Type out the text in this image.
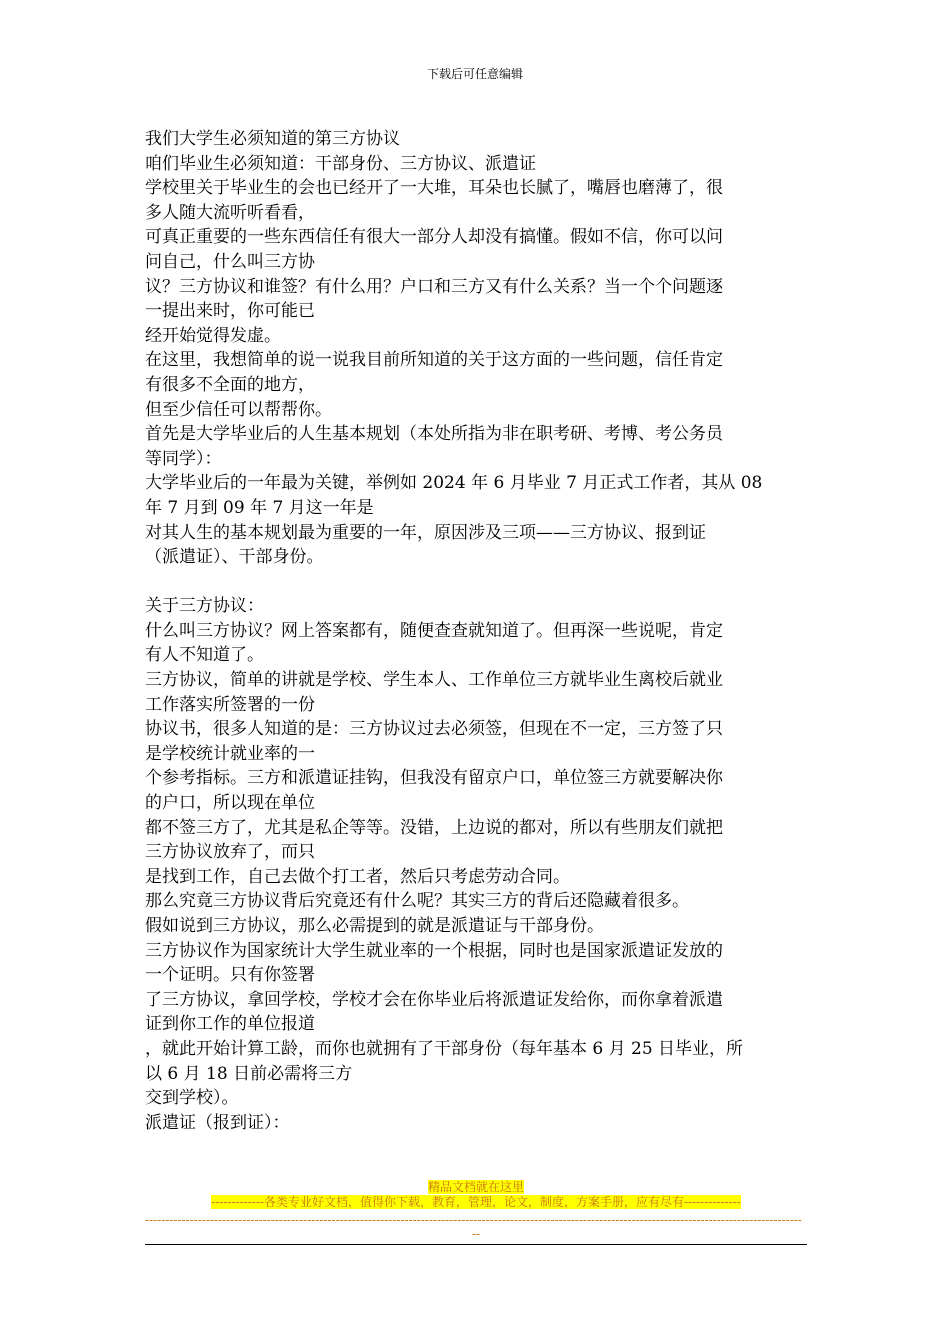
下载后可任意编辑

我们大学生必须知道的第三方协议

咱们毕业生必须知道：干部身份、三方协议、派遣证

学校里关于毕业生的会也已经开了一大堆，耳朵也长腻了，嘴唇也磨薄了，很

多人随大流听听看看，

可真正重要的一些东西信任有很大一部分人却没有搞懂。假如不信，你可以问

问自己，什么叫三方协

议？三方协议和谁签？有什么用？户口和三方又有什么关系？当一个个问题逐

一提出来时，你可能已

经开始觉得发虚。

在这里，我想简单的说一说我目前所知道的关于这方面的一些问题，信任肯定

有很多不全面的地方，

但至少信任可以帮帮你。

首先是大学毕业后的人生基本规划（本处所指为非在职考研、考博、考公务员

等同学）：

大学毕业后的一年最为关键，举例如 2024 年 6 月毕业 7 月正式工作者，其从 08

年 7 月到 09 年 7 月这一年是

对其人生的基本规划最为重要的一年，原因涉及三项——三方协议、报到证

（派遣证）、干部身份。

关于三方协议：

什么叫三方协议？网上答案都有，随便查查就知道了。但再深一些说呢，肯定

有人不知道了。

三方协议，简单的讲就是学校、学生本人、工作单位三方就毕业生离校后就业

工作落实所签署的一份

协议书，很多人知道的是：三方协议过去必须签，但现在不一定，三方签了只

是学校统计就业率的一

个参考指标。三方和派遣证挂钩，但我没有留京户口，单位签三方就要解决你

的户口，所以现在单位

都不签三方了，尤其是私企等等。没错，上边说的都对，所以有些朋友们就把

三方协议放弃了，而只

是找到工作，自己去做个打工者，然后只考虑劳动合同。

那么究竟三方协议背后究竟还有什么呢？其实三方的背后还隐藏着很多。

假如说到三方协议，那么必需提到的就是派遣证与干部身份。

三方协议作为国家统计大学生就业率的一个根据，同时也是国家派遣证发放的

一个证明。只有你签署

了三方协议，拿回学校，学校才会在你毕业后将派遣证发给你，而你拿着派遣

证到你工作的单位报道

，就此开始计算工龄，而你也就拥有了干部身份（每年基本 6 月 25 日毕业，所

以 6 月 18 日前必需将三方

交到学校）。

派遣证（报到证）：

精品文档就在这里
-------------各类专业好文档，值得你下载，教育，管理，论文，制度，方案手册，应有尽有--------------
------------------------------------------------------------------------------------------------------------------------------------------------------------------
--
